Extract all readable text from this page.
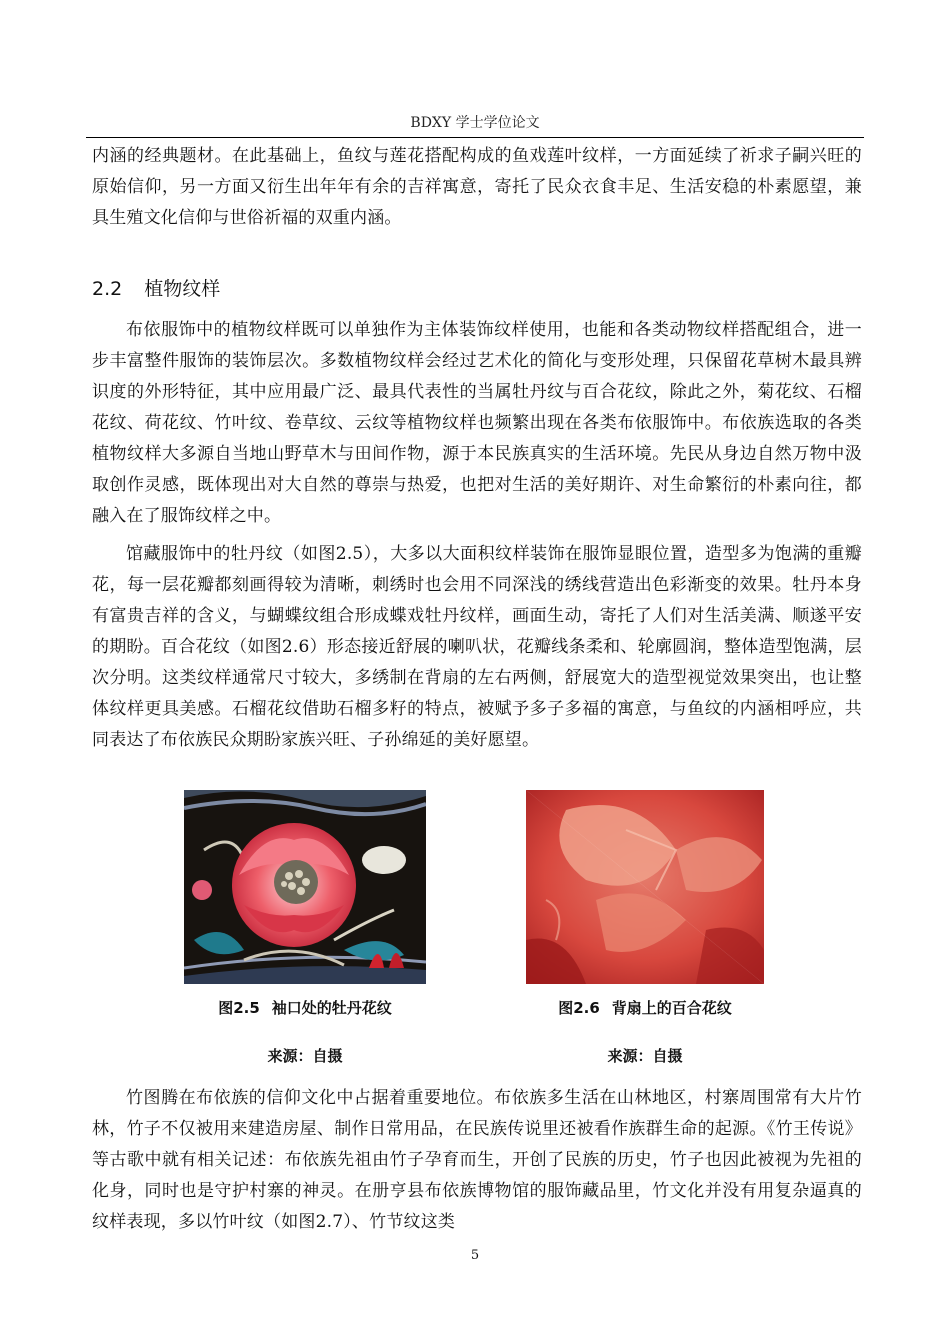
BDXY 学士学位论文

内涵的经典题材。在此基础上，鱼纹与莲花搭配构成的鱼戏莲叶纹样，一方面延续了祈求子嗣兴旺的原始信仰，另一方面又衍生出年年有余的吉祥寓意，寄托了民众衣食丰足、生活安稳的朴素愿望，兼具生殖文化信仰与世俗祈福的双重内涵。

2.2 植物纹样

布依服饰中的植物纹样既可以单独作为主体装饰纹样使用，也能和各类动物纹样搭配组合，进一步丰富整件服饰的装饰层次。多数植物纹样会经过艺术化的简化与变形处理，只保留花草树木最具辨识度的外形特征，其中应用最广泛、最具代表性的当属牡丹纹与百合花纹，除此之外，菊花纹、石榴花纹、荷花纹、竹叶纹、卷草纹、云纹等植物纹样也频繁出现在各类布依服饰中。布依族选取的各类植物纹样大多源自当地山野草木与田间作物，源于本民族真实的生活环境。先民从身边自然万物中汲取创作灵感，既体现出对大自然的尊崇与热爱，也把对生活的美好期许、对生命繁衍的朴素向往，都融入在了服饰纹样之中。

馆藏服饰中的牡丹纹（如图2.5），大多以大面积纹样装饰在服饰显眼位置，造型多为饱满的重瓣花，每一层花瓣都刻画得较为清晰，刺绣时也会用不同深浅的绣线营造出色彩渐变的效果。牡丹本身有富贵吉祥的含义，与蝴蝶纹组合形成蝶戏牡丹纹样，画面生动，寄托了人们对生活美满、顺遂平安的期盼。百合花纹（如图2.6）形态接近舒展的喇叭状，花瓣线条柔和、轮廓圆润，整体造型饱满，层次分明。这类纹样通常尺寸较大，多绣制在背扇的左右两侧，舒展宽大的造型视觉效果突出，也让整体纹样更具美感。石榴花纹借助石榴多籽的特点，被赋予多子多福的寓意，与鱼纹的内涵相呼应，共同表达了布依族民众期盼家族兴旺、子孙绵延的美好愿望。

图2.5 袖口处的牡丹花纹	图2.6 背扇上的百合花纹
来源：自摄	来源：自摄

竹图腾在布依族的信仰文化中占据着重要地位。布依族多生活在山林地区，村寨周围常有大片竹林，竹子不仅被用来建造房屋、制作日常用品，在民族传说里还被看作族群生命的起源。《竹王传说》等古歌中就有相关记述：布依族先祖由竹子孕育而生，开创了民族的历史，竹子也因此被视为先祖的化身，同时也是守护村寨的神灵。在册亨县布依族博物馆的服饰藏品里，竹文化并没有用复杂逼真的纹样表现，多以竹叶纹（如图2.7）、竹节纹这类

5
